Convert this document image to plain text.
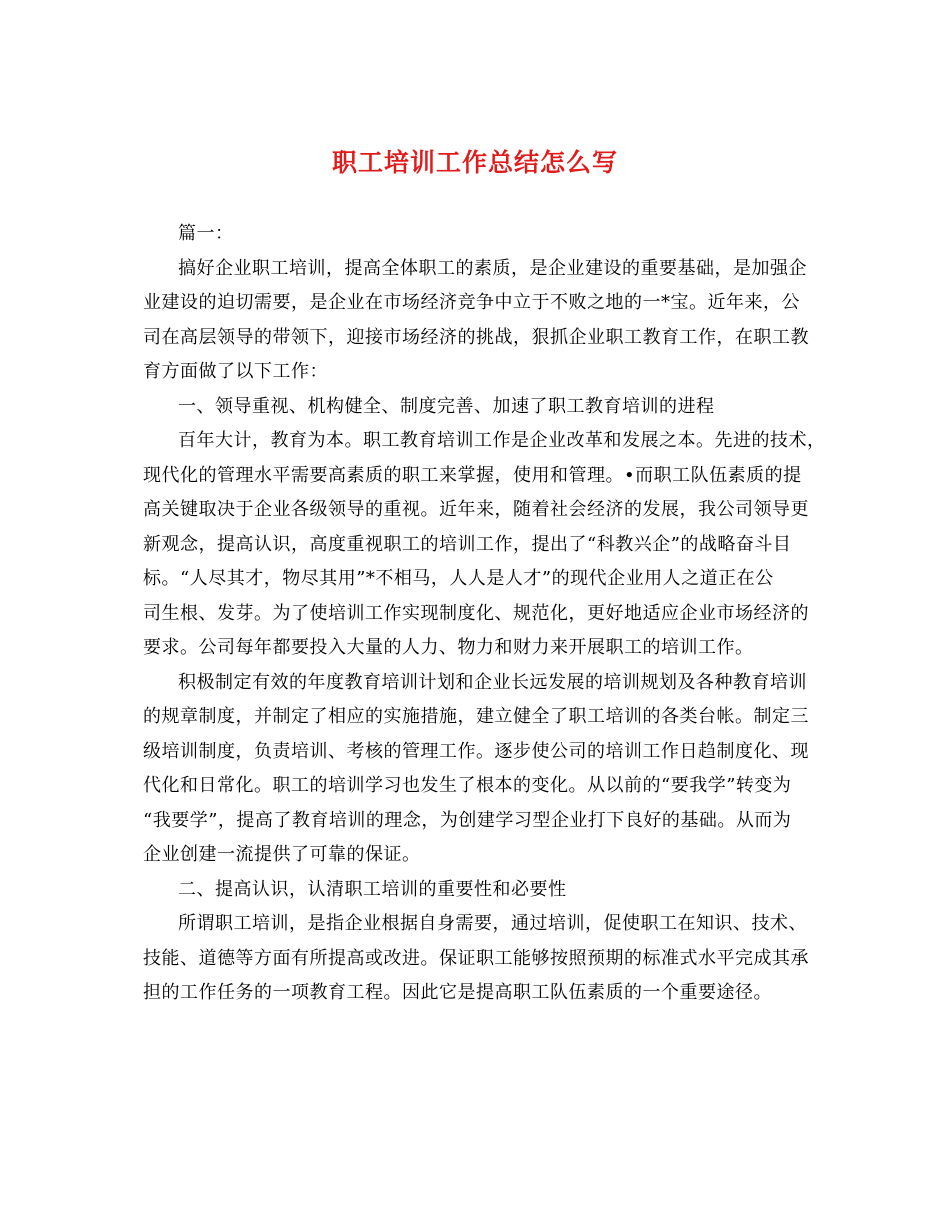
职工培训工作总结怎么写
篇一：
搞好企业职工培训，提高全体职工的素质，是企业建设的重要基础，是加强企
业建设的迫切需要，是企业在市场经济竞争中立于不败之地的一*宝。近年来，公
司在高层领导的带领下，迎接市场经济的挑战，狠抓企业职工教育工作，在职工教
育方面做了以下工作：
一、领导重视、机构健全、制度完善、加速了职工教育培训的进程
百年大计，教育为本。职工教育培训工作是企业改革和发展之本。先进的技术，
现代化的管理水平需要高素质的职工来掌握，使用和管理。•而职工队伍素质的提
高关键取决于企业各级领导的重视。近年来，随着社会经济的发展，我公司领导更
新观念，提高认识，高度重视职工的培训工作，提出了“科教兴企”的战略奋斗目
标。“人尽其才，物尽其用”*不相马，人人是人才”的现代企业用人之道正在公
司生根、发芽。为了使培训工作实现制度化、规范化，更好地适应企业市场经济的
要求。公司每年都要投入大量的人力、物力和财力来开展职工的培训工作。
积极制定有效的年度教育培训计划和企业长远发展的培训规划及各种教育培训
的规章制度，并制定了相应的实施措施，建立健全了职工培训的各类台帐。制定三
级培训制度，负责培训、考核的管理工作。逐步使公司的培训工作日趋制度化、现
代化和日常化。职工的培训学习也发生了根本的变化。从以前的“要我学”转变为
“我要学”，提高了教育培训的理念，为创建学习型企业打下良好的基础。从而为
企业创建一流提供了可靠的保证。
二、提高认识，认清职工培训的重要性和必要性
所谓职工培训，是指企业根据自身需要，通过培训，促使职工在知识、技术、
技能、道德等方面有所提高或改进。保证职工能够按照预期的标准式水平完成其承
担的工作任务的一项教育工程。因此它是提高职工队伍素质的一个重要途径。
